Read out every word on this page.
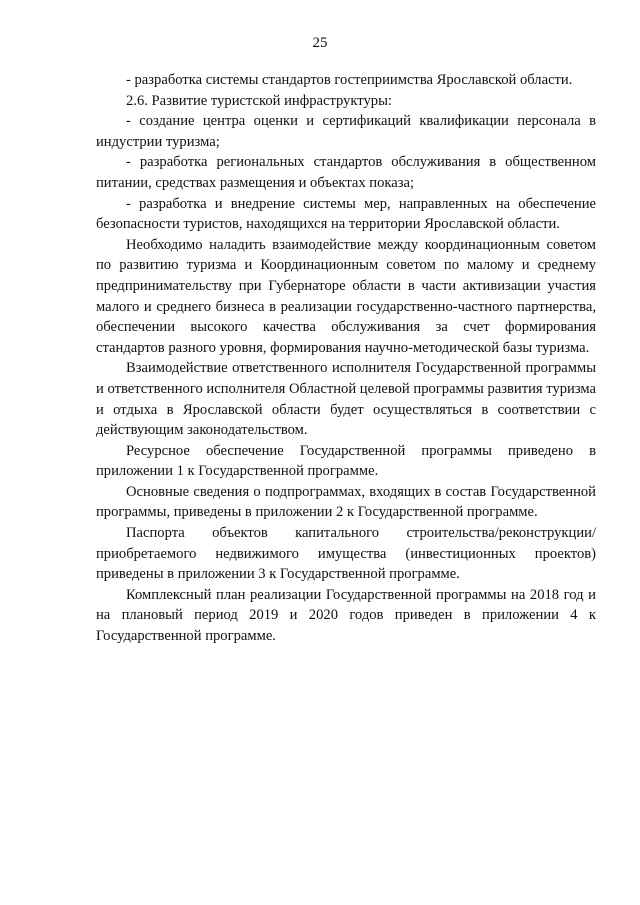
25

- разработка системы стандартов гостеприимства Ярославской области.

2.6. Развитие туристской инфраструктуры:

- создание центра оценки и сертификаций квалификации персонала в индустрии туризма;

- разработка региональных стандартов обслуживания в общественном питании, средствах размещения и объектах показа;

- разработка и внедрение системы мер, направленных на обеспечение безопасности туристов, находящихся на территории Ярославской области.

Необходимо наладить взаимодействие между координационным советом по развитию туризма и Координационным советом по малому и среднему предпринимательству при Губернаторе области в части активизации участия малого и среднего бизнеса в реализации государственно-частного партнерства, обеспечении высокого качества обслуживания за счет формирования стандартов разного уровня, формирования научно-методической базы туризма.

Взаимодействие ответственного исполнителя Государственной программы и ответственного исполнителя Областной целевой программы развития туризма и отдыха в Ярославской области будет осуществляться в соответствии с действующим законодательством.

Ресурсное обеспечение Государственной программы приведено в приложении 1 к Государственной программе.

Основные сведения о подпрограммах, входящих в состав Государственной программы, приведены в приложении 2 к Государственной программе.

Паспорта объектов капитального строительства/реконструкции/ приобретаемого недвижимого имущества (инвестиционных проектов) приведены в приложении 3 к Государственной программе.

Комплексный план реализации Государственной программы на 2018 год и на плановый период 2019 и 2020 годов приведен в приложении 4 к Государственной программе.
